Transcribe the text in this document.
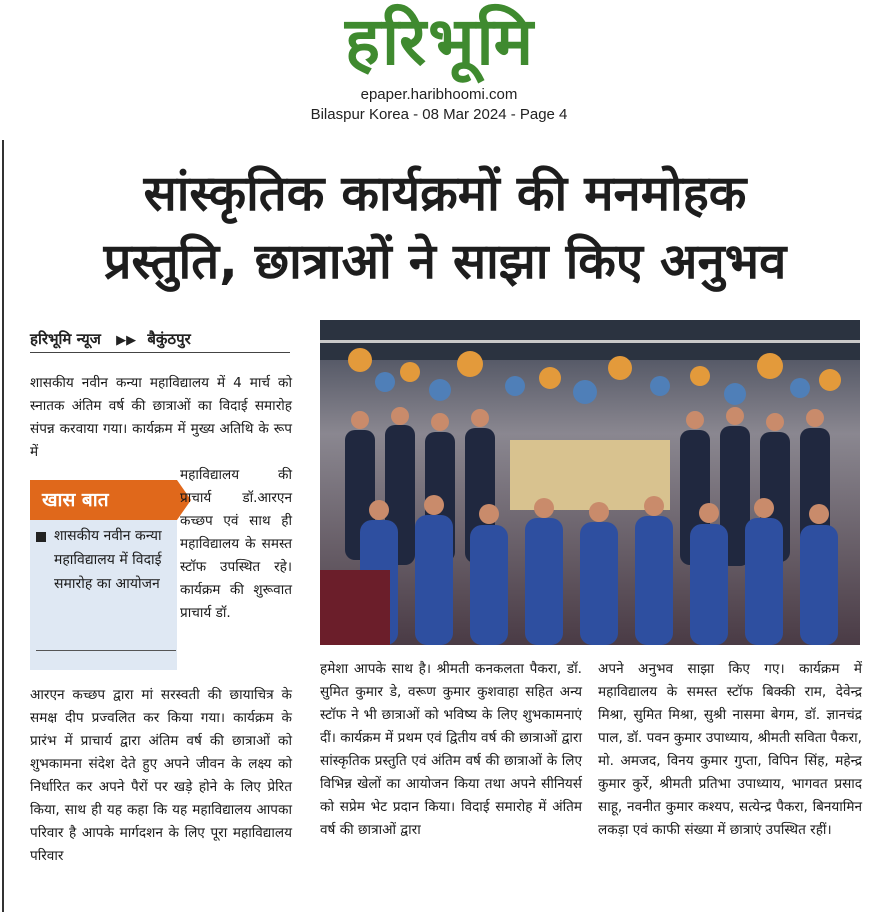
हरिभूमि
epaper.haribhoomi.com
Bilaspur Korea - 08 Mar 2024 - Page 4
सांस्कृतिक कार्यक्रमों की मनमोहक
प्रस्तुति, छात्राओं ने साझा किए अनुभव
हरिभूमि न्यूज ▶▶ बैकुंठपुर

शासकीय नवीन कन्या महाविद्यालय में 4 मार्च को स्नातक अंतिम वर्ष की छात्राओं का विदाई समारोह संपन्न करवाया गया। कार्यक्रम में मुख्य अतिथि के रूप में

खास बात
शासकीय नवीन कन्या महाविद्यालय में विदाई समारोह का आयोजन

महाविद्यालय की प्राचार्य डॉ.आरएन कच्छप एवं साथ ही महाविद्यालय के समस्त स्टॉफ उपस्थित रहे। कार्यक्रम की शुरूवात प्राचार्य डॉ.

आरएन कच्छप द्वारा मां सरस्वती की छायाचित्र के समक्ष दीप प्रज्वलित कर किया गया। कार्यक्रम के प्रारंभ में प्राचार्य द्वारा अंतिम वर्ष की छात्राओं को शुभकामना संदेश देते हुए अपने जीवन के लक्ष्य को निर्धारित कर अपने पैरों पर खड़े होने के लिए प्रेरित किया, साथ ही यह कहा कि यह महाविद्यालय आपका परिवार है आपके मार्गदशन के लिए पूरा महाविद्यालय परिवार

हमेशा आपके साथ है। श्रीमती कनकलता पैकरा, डॉ. सुमित कुमार डे, वरूण कुमार कुशवाहा सहित अन्य स्टॉफ ने भी छात्राओं को भविष्य के लिए शुभकामनाएं दीं। कार्यक्रम में प्रथम एवं द्वितीय वर्ष की छात्राओं द्वारा सांस्कृतिक प्रस्तुति एवं अंतिम वर्ष की छात्राओं के लिए विभिन्न खेलों का आयोजन किया तथा अपने सीनियर्स को सप्रेम भेट प्रदान किया। विदाई समारोह में अंतिम वर्ष की छात्राओं द्वारा

अपने अनुभव साझा किए गए। कार्यक्रम में महाविद्यालय के समस्त स्टॉफ बिक्की राम, देवेन्द्र मिश्रा, सुमित मिश्रा, सुश्री नासमा बेगम, डॉ. ज्ञानचंद्र पाल, डॉ. पवन कुमार उपाध्याय, श्रीमती सविता पैकरा, मो. अमजद, विनय कुमार गुप्ता, विपिन सिंह, महेन्द्र कुमार कुर्रे, श्रीमती प्रतिभा उपाध्याय, भागवत प्रसाद साहू, नवनीत कुमार कश्यप, सत्येन्द्र पैकरा, बिनयामिन लकड़ा एवं काफी संख्या में छात्राएं उपस्थित रहीं।
